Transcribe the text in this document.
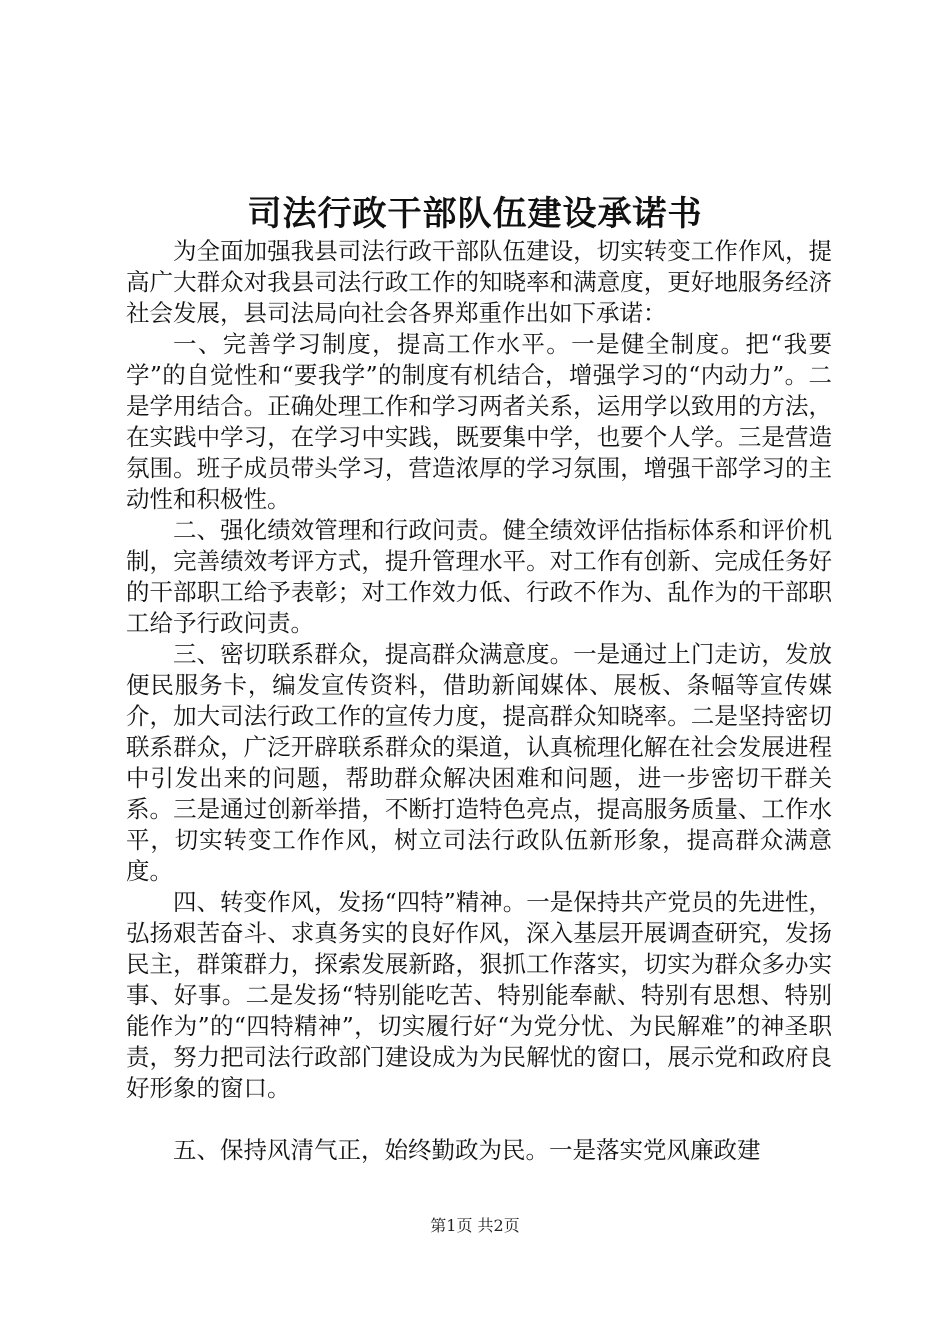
司法行政干部队伍建设承诺书

为全面加强我县司法行政干部队伍建设，切实转变工作作风，提高广大群众对我县司法行政工作的知晓率和满意度，更好地服务经济社会发展，县司法局向社会各界郑重作出如下承诺：

一、完善学习制度，提高工作水平。一是健全制度。把“我要学”的自觉性和“要我学”的制度有机结合，增强学习的“内动力”。二是学用结合。正确处理工作和学习两者关系，运用学以致用的方法，在实践中学习，在学习中实践，既要集中学，也要个人学。三是营造氛围。班子成员带头学习，营造浓厚的学习氛围，增强干部学习的主动性和积极性。

二、强化绩效管理和行政问责。健全绩效评估指标体系和评价机制，完善绩效考评方式，提升管理水平。对工作有创新、完成任务好的干部职工给予表彰；对工作效力低、行政不作为、乱作为的干部职工给予行政问责。

三、密切联系群众，提高群众满意度。一是通过上门走访，发放便民服务卡，编发宣传资料，借助新闻媒体、展板、条幅等宣传媒介，加大司法行政工作的宣传力度，提高群众知晓率。二是坚持密切联系群众，广泛开辟联系群众的渠道，认真梳理化解在社会发展进程中引发出来的问题，帮助群众解决困难和问题，进一步密切干群关系。三是通过创新举措，不断打造特色亮点，提高服务质量、工作水平，切实转变工作作风，树立司法行政队伍新形象，提高群众满意度。

四、转变作风，发扬“四特”精神。一是保持共产党员的先进性，弘扬艰苦奋斗、求真务实的良好作风，深入基层开展调查研究，发扬民主，群策群力，探索发展新路，狠抓工作落实，切实为群众多办实事、好事。二是发扬“特别能吃苦、特别能奉献、特别有思想、特别能作为”的“四特精神”，切实履行好“为党分忧、为民解难”的神圣职责，努力把司法行政部门建设成为为民解忧的窗口，展示党和政府良好形象的窗口。

五、保持风清气正，始终勤政为民。一是落实党风廉政建

第1页 共2页
